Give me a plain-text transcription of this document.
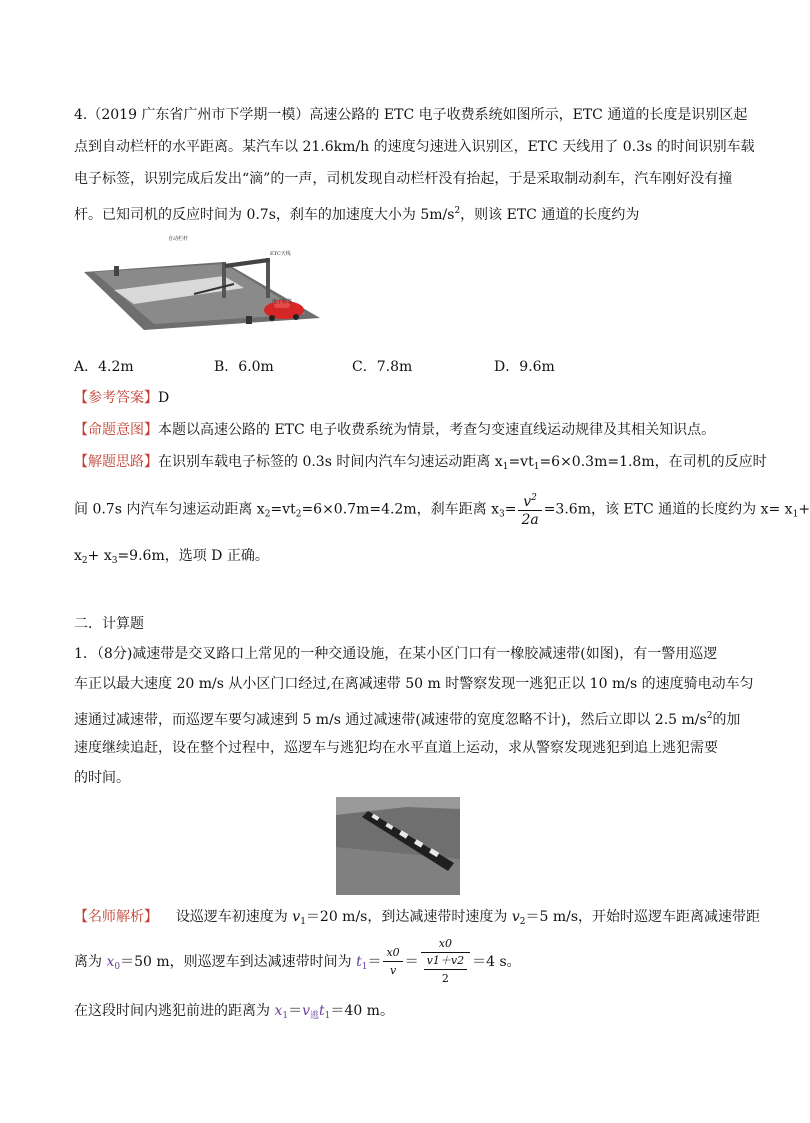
4.（2019 广东省广州市下学期一模）高速公路的 ETC 电子收费系统如图所示，ETC 通道的长度是识别区起
点到自动栏杆的水平距离。某汽车以 21.6km/h 的速度匀速进入识别区，ETC 天线用了 0.3s 的时间识别车载
电子标签，识别完成后发出“滴”的一声，司机发现自动栏杆没有抬起，于是采取制动刹车，汽车刚好没有撞
杆。已知司机的反应时间为 0.7s，刹车的加速度大小为 $5m/s^2$，则该 ETC 通道的长度约为
自动栏杆
ETC天线
电子标签
A．4.2m	B．6.0m	C．7.8m	D．9.6m
【参考答案】D
【命题意图】本题以高速公路的 ETC 电子收费系统为情景，考查匀变速直线运动规律及其相关知识点。
【解题思路】在识别车载电子标签的 0.3s 时间内汽车匀速运动距离 $x_1=vt_1=6\times 0.3m=1.8m$，在司机的反应时
间 0.7s 内汽车匀速运动距离 $x_2=vt_2=6\times 0.7m=4.2m$，刹车距离 $x_3= \frac{v^2}{2a} =3.6m$，该 ETC 通道的长度约为 $x= x_1+$
$x_2+ x_3=9.6m$，选项 D 正确。
二．计算题
1．（8分)减速带是交叉路口上常见的一种交通设施，在某小区门口有一橡胶减速带(如图)，有一警用巡逻
车正以最大速度 20 m/s 从小区门口经过,在离减速带 50 m 时警察发现一逃犯正以 10 m/s 的速度骑电动车匀
速通过减速带，而巡逻车要匀减速到 5 m/s 通过减速带(减速带的宽度忽略不计)，然后立即以 2.5 $m/s^2$的加
速度继续追赶，设在整个过程中，巡逻车与逃犯均在水平直道上运动，求从警察发现逃犯到追上逃犯需要
的时间。
【名师解析】 设巡逻车初速度为 $v_1=20$ m/s，到达减速带时速度为 $v_2=5$ m/s，开始时巡逻车距离减速带距
离为 $x_0=50$ m，则巡逻车到达减速带时间为 $t_1= \frac{x0}{v} = \frac{x0}{\frac{v1+v2}{2}} =4$ s。
在这段时间内逃犯前进的距离为 $x_1=v_逃t_1=40$ m。
